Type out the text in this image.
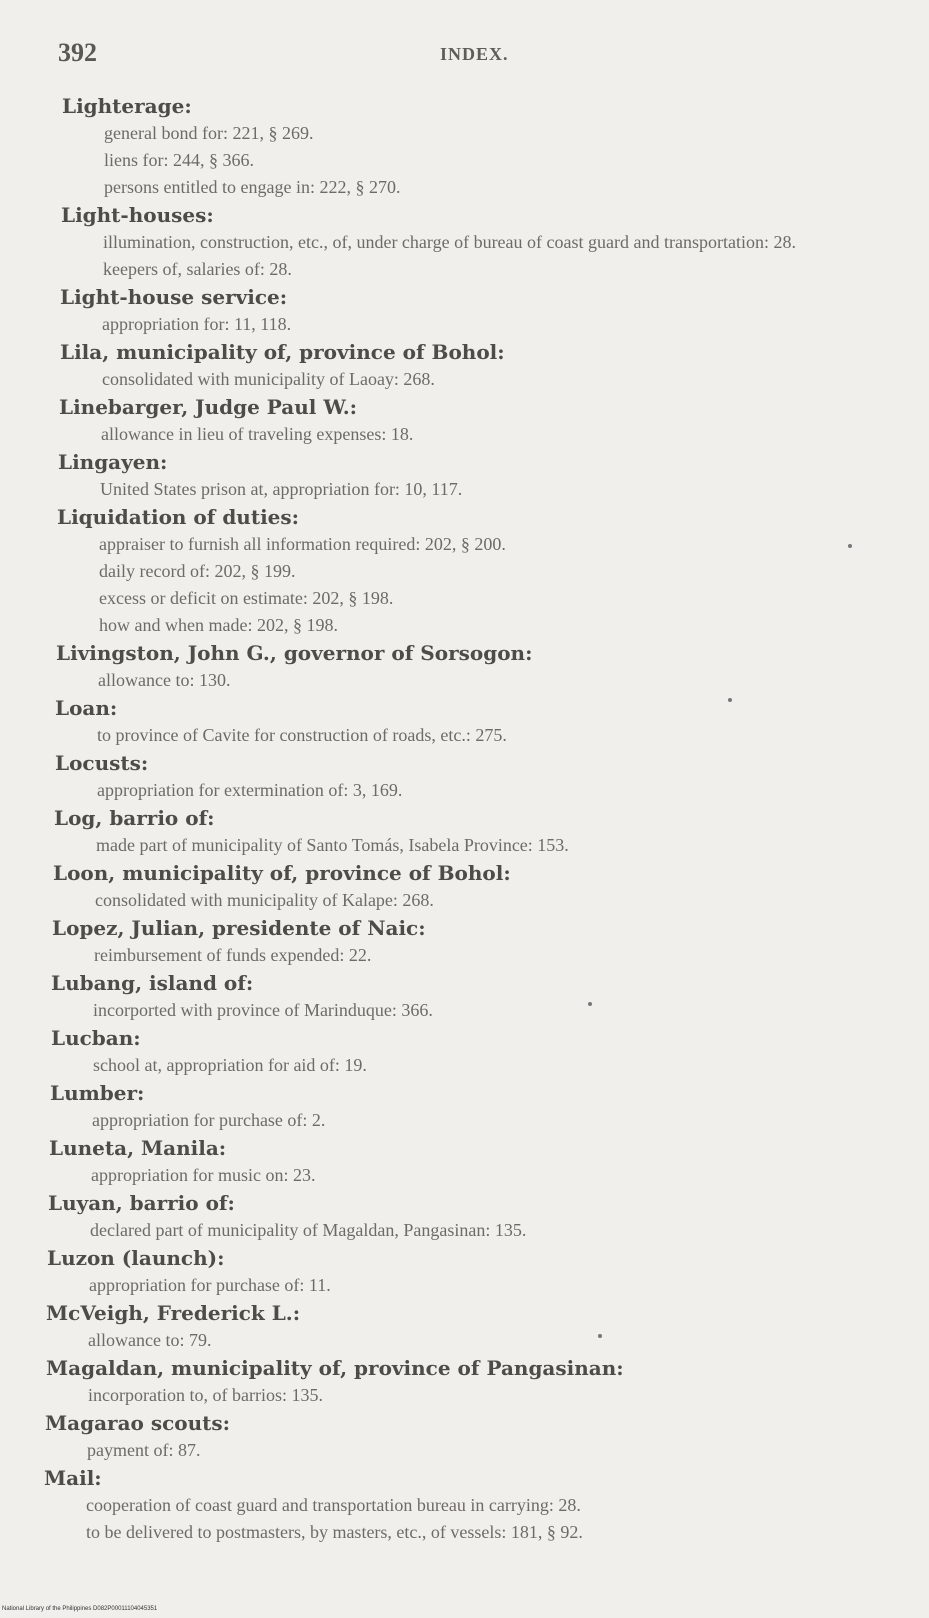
392	INDEX.
Lighterage:
general bond for: 221, § 269.
liens for: 244, § 366.
persons entitled to engage in: 222, § 270.
Light-houses:
illumination, construction, etc., of, under charge of bureau of coast guard and transportation: 28.
keepers of, salaries of: 28.
Light-house service:
appropriation for: 11, 118.
Lila, municipality of, province of Bohol:
consolidated with municipality of Laoay: 268.
Linebarger, Judge Paul W.:
allowance in lieu of traveling expenses: 18.
Lingayen:
United States prison at, appropriation for: 10, 117.
Liquidation of duties:
appraiser to furnish all information required: 202, § 200.
daily record of: 202, § 199.
excess or deficit on estimate: 202, § 198.
how and when made: 202, § 198.
Livingston, John G., governor of Sorsogon:
allowance to: 130.
Loan:
to province of Cavite for construction of roads, etc.: 275.
Locusts:
appropriation for extermination of: 3, 169.
Log, barrio of:
made part of municipality of Santo Tomás, Isabela Province: 153.
Loon, municipality of, province of Bohol:
consolidated with municipality of Kalape: 268.
Lopez, Julian, presidente of Naic:
reimbursement of funds expended: 22.
Lubang, island of:
incorported with province of Marinduque: 366.
Lucban:
school at, appropriation for aid of: 19.
Lumber:
appropriation for purchase of: 2.
Luneta, Manila:
appropriation for music on: 23.
Luyan, barrio of:
declared part of municipality of Magaldan, Pangasinan: 135.
Luzon (launch):
appropriation for purchase of: 11.
McVeigh, Frederick L.:
allowance to: 79.
Magaldan, municipality of, province of Pangasinan:
incorporation to, of barrios: 135.
Magarao scouts:
payment of: 87.
Mail:
cooperation of coast guard and transportation bureau in carrying: 28.
to be delivered to postmasters, by masters, etc., of vessels: 181, § 92.
National Library of the Philippines D082P00011104045351
